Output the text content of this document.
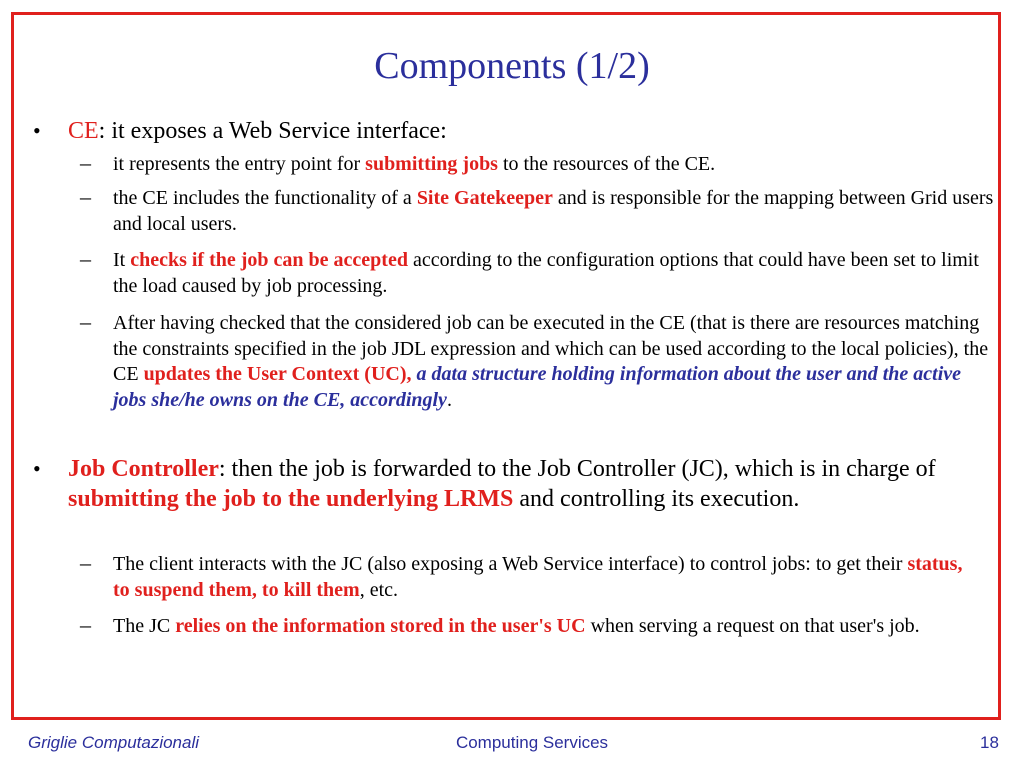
Components (1/2)
• CE: it exposes a Web Service interface:
– it represents the entry point for submitting jobs to the resources of the CE.
– the CE includes the functionality of a Site Gatekeeper and is responsible for the mapping between Grid users and local users.
– It checks if the job can be accepted according to the configuration options that could have been set to limit the load caused by job processing.
– After having checked that the considered job can be executed in the CE (that is there are resources matching the constraints specified in the job JDL expression and which can be used according to the local policies), the CE updates the User Context (UC), a data structure holding information about the user and the active jobs she/he owns on the CE, accordingly.
• Job Controller: then the job is forwarded to the Job Controller (JC), which is in charge of submitting the job to the underlying LRMS and controlling its execution.
– The client interacts with the JC (also exposing a Web Service interface) to control jobs: to get their status, to suspend them, to kill them, etc.
– The JC relies on the information stored in the user's UC when serving a request on that user's job.
Griglie Computazionali	Computing Services	18
